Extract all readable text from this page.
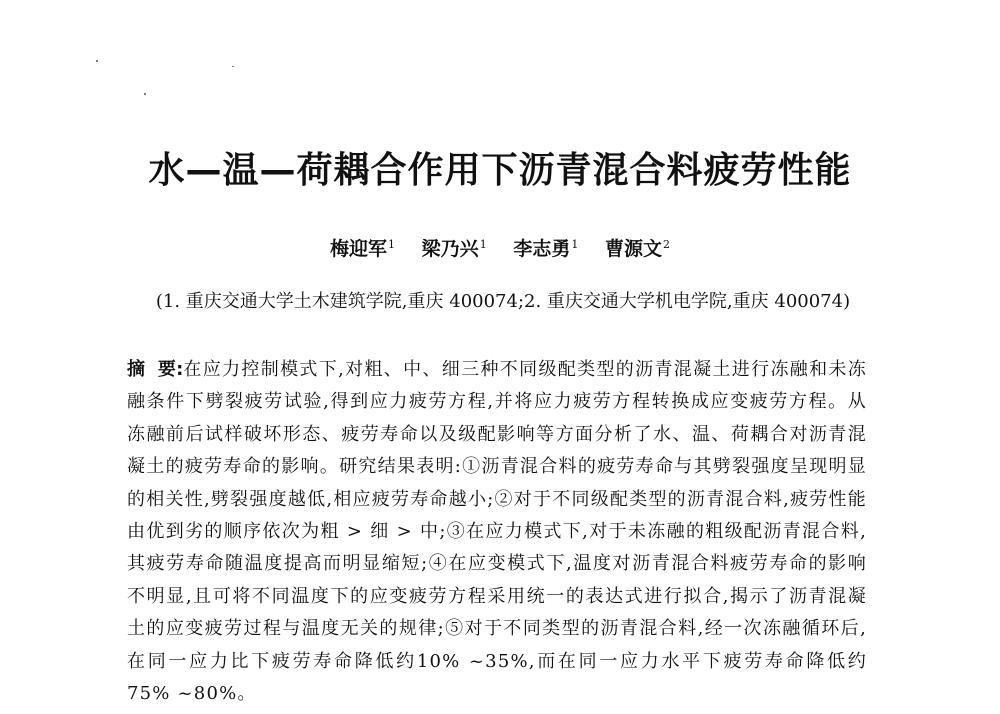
水—温—荷耦合作用下沥青混合料疲劳性能
梅迎军$^1$ 梁乃兴$^1$ 李志勇$^1$ 曹源文$^2$
(1. 重庆交通大学土木建筑学院,重庆 400074;2. 重庆交通大学机电学院,重庆 400074)
摘  要:在应力控制模式下,对粗、中、细三种不同级配类型的沥青混凝土进行冻融和未冻融条件下劈裂疲劳试验,得到应力疲劳方程,并将应力疲劳方程转换成应变疲劳方程。从冻融前后试样破坏形态、疲劳寿命以及级配影响等方面分析了水、温、荷耦合对沥青混凝土的疲劳寿命的影响。研究结果表明:①沥青混合料的疲劳寿命与其劈裂强度呈现明显的相关性,劈裂强度越低,相应疲劳寿命越小;②对于不同级配类型的沥青混合料,疲劳性能由优到劣的顺序依次为粗 > 细 > 中;③在应力模式下,对于未冻融的粗级配沥青混合料,其疲劳寿命随温度提高而明显缩短;④在应变模式下,温度对沥青混合料疲劳寿命的影响不明显,且可将不同温度下的应变疲劳方程采用统一的表达式进行拟合,揭示了沥青混凝土的应变疲劳过程与温度无关的规律;⑤对于不同类型的沥青混合料,经一次冻融循环后,在同一应力比下疲劳寿命降低约10% ~35%,而在同一应力水平下疲劳寿命降低约 75% ~80%。
